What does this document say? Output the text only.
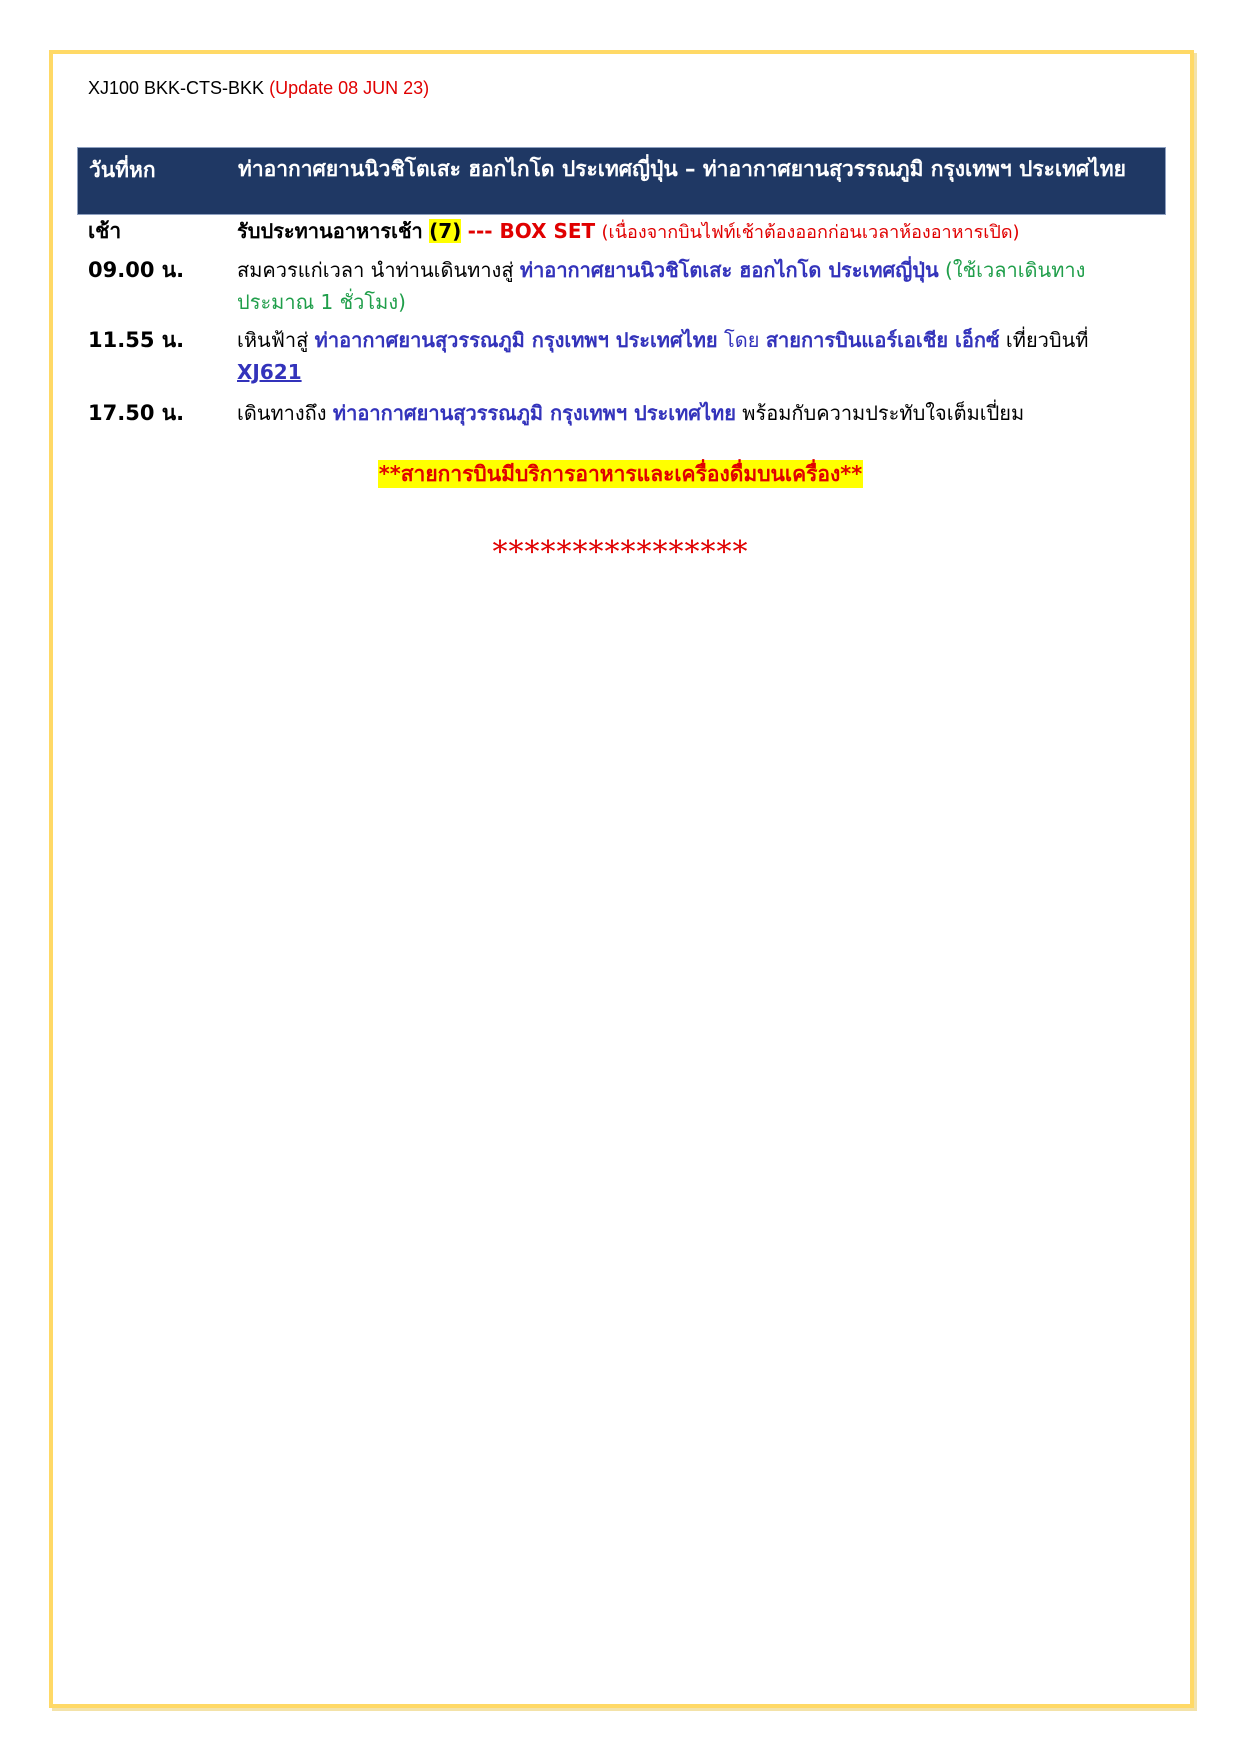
XJ100 BKK-CTS-BKK (Update 08 JUN 23)
วันที่หก	ท่าอากาศยานนิวชิโตเสะ ฮอกไกโด ประเทศญี่ปุ่น – ท่าอากาศยานสุวรรณภูมิ กรุงเทพฯ ประเทศไทย
เช้า	รับประทานอาหารเช้า (7) --- BOX SET (เนื่องจากบินไฟท์เช้าต้องออกก่อนเวลาห้องอาหารเปิด)
09.00 น.	สมควรแก่เวลา นำท่านเดินทางสู่ ท่าอากาศยานนิวชิโตเสะ ฮอกไกโด ประเทศญี่ปุ่น (ใช้เวลาเดินทางประมาณ 1 ชั่วโมง)
11.55 น.	เหินฟ้าสู่ ท่าอากาศยานสุวรรณภูมิ กรุงเทพฯ ประเทศไทย โดย สายการบินแอร์เอเชีย เอ็กซ์ เที่ยวบินที่ XJ621
17.50 น.	เดินทางถึง ท่าอากาศยานสุวรรณภูมิ กรุงเทพฯ ประเทศไทย พร้อมกับความประทับใจเต็มเปี่ยม
**สายการบินมีบริการอาหารและเครื่องดื่มบนเครื่อง**
****************
